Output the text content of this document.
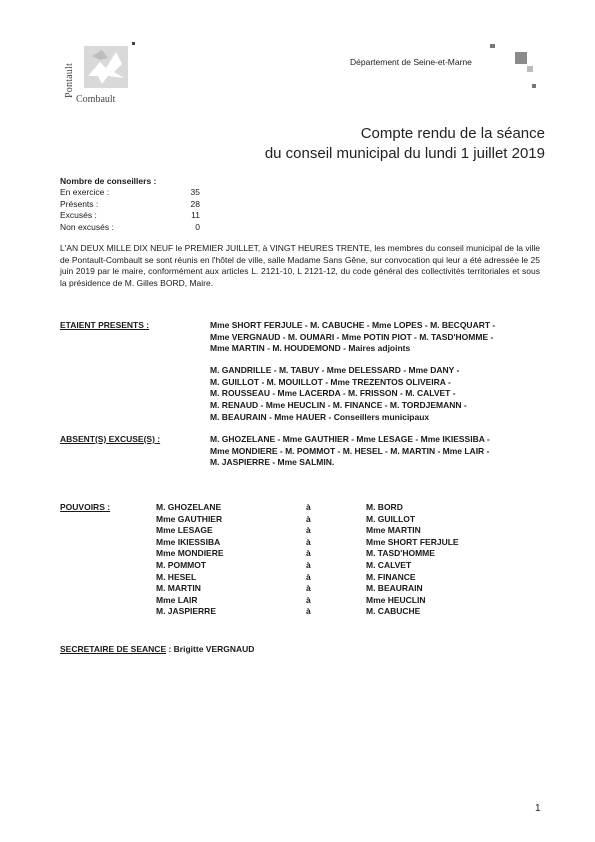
Pontault
Combault
Département de Seine-et-Marne
Compte rendu de la séance
du conseil municipal du lundi 1 juillet 2019
Nombre de conseillers :
En exercice :	35
Présents :	28
Excusés :	11
Non excusés :	0
L'AN DEUX MILLE DIX NEUF le PREMIER JUILLET, à VINGT HEURES TRENTE, les membres du conseil municipal de la ville de Pontault-Combault se sont réunis en l'hôtel de ville, salle Madame Sans Gêne, sur convocation qui leur a été adressée le 25 juin 2019 par le maire, conformément aux articles L. 2121-10, L 2121-12, du code général des collectivités territoriales et sous la présidence de M. Gilles BORD, Maire.
ETAIENT PRESENTS :	Mme SHORT FERJULE - M. CABUCHE - Mme LOPES - M. BECQUART -
Mme VERGNAUD - M. OUMARI - Mme POTIN PIOT - M. TASD'HOMME -
Mme MARTIN - M. HOUDEMOND - Maires adjoints
M. GANDRILLE - M. TABUY - Mme DELESSARD - Mme DANY -
M. GUILLOT - M. MOUILLOT - Mme TREZENTOS OLIVEIRA -
M. ROUSSEAU - Mme LACERDA - M. FRISSON - M. CALVET -
M. RENAUD - Mme HEUCLIN - M. FINANCE - M. TORDJEMANN -
M. BEAURAIN - Mme HAUER - Conseillers municipaux
ABSENT(S) EXCUSE(S) :	M. GHOZELANE - Mme GAUTHIER - Mme LESAGE - Mme IKIESSIBA -
Mme MONDIERE - M. POMMOT - M. HESEL - M. MARTIN - Mme LAIR -
M. JASPIERRE - Mme SALMIN.
POUVOIRS :	M. GHOZELANE	à	M. BORD
Mme GAUTHIER	à	M. GUILLOT
Mme LESAGE	à	Mme MARTIN
Mme IKIESSIBA	à	Mme SHORT FERJULE
Mme MONDIERE	à	M. TASD'HOMME
M. POMMOT	à	M. CALVET
M. HESEL	à	M. FINANCE
M. MARTIN	à	M. BEAURAIN
Mme LAIR	à	Mme HEUCLIN
M. JASPIERRE	à	M. CABUCHE
SECRETAIRE DE SEANCE : Brigitte VERGNAUD
1
